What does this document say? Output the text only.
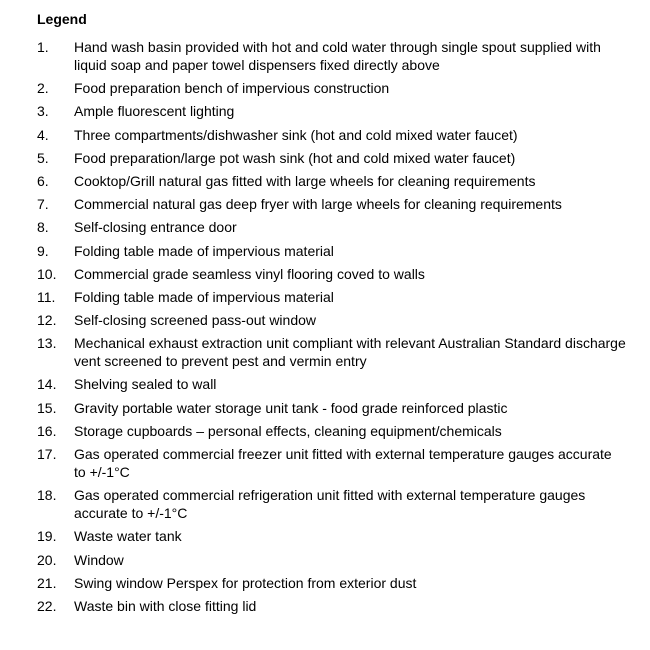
Legend
1.	Hand wash basin provided with hot and cold water through single spout supplied with liquid soap and paper towel dispensers fixed directly above
2.	Food preparation bench of impervious construction
3.	Ample fluorescent lighting
4.	Three compartments/dishwasher sink (hot and cold mixed water faucet)
5.	Food preparation/large pot wash sink (hot and cold mixed water faucet)
6.	Cooktop/Grill natural gas fitted with large wheels for cleaning requirements
7.	Commercial natural gas deep fryer with large wheels for cleaning requirements
8.	Self-closing entrance door
9.	Folding table made of impervious material
10.	Commercial grade seamless vinyl flooring coved to walls
11.	Folding table made of impervious material
12.	Self-closing screened pass-out window
13.	Mechanical exhaust extraction unit compliant with relevant Australian Standard discharge vent screened to prevent pest and vermin entry
14.	Shelving sealed to wall
15.	Gravity portable water storage unit tank - food grade reinforced plastic
16.	Storage cupboards – personal effects, cleaning equipment/chemicals
17.	Gas operated commercial freezer unit fitted with external temperature gauges accurate to +/-1°C
18.	Gas operated commercial refrigeration unit fitted with external temperature gauges accurate to +/-1°C
19.	Waste water tank
20.	Window
21.	Swing window Perspex for protection from exterior dust
22.	Waste bin with close fitting lid
